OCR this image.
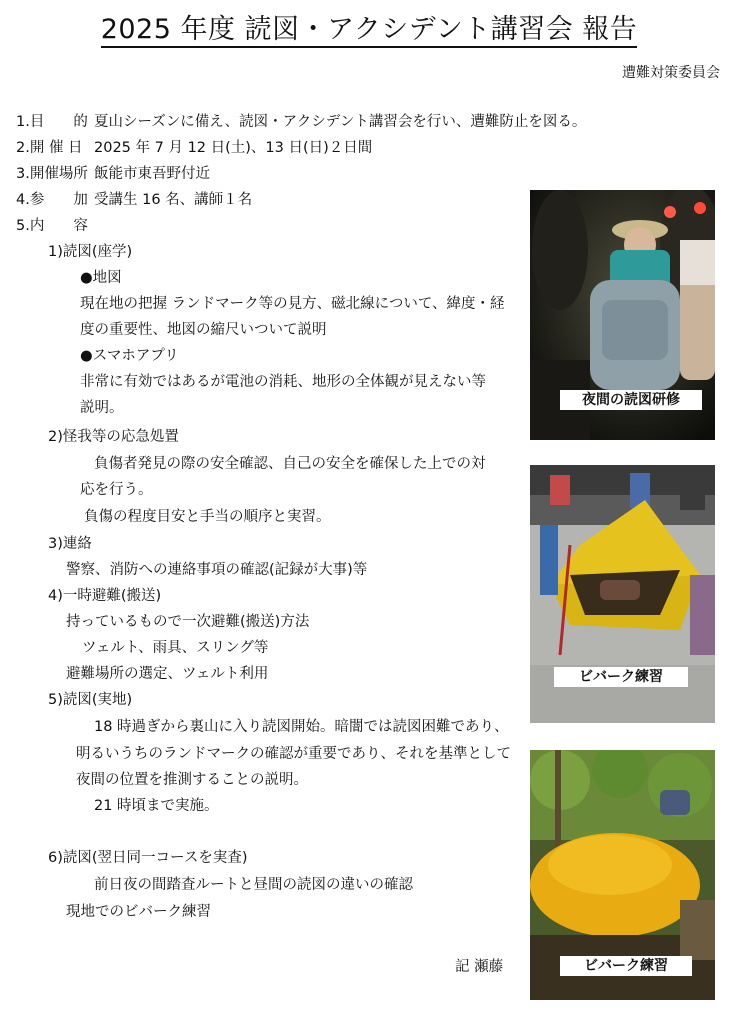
2025 年度 読図・アクシデント講習会 報告
遭難対策委員会
1.目　　的 夏山シーズンに備え、読図・アクシデント講習会を行い、遭難防止を図る。
2.開 催 日 2025 年 7 月 12 日(土)、13 日(日)２日間
3.開催場所 飯能市東吾野付近
4.参　　加 受講生 16 名、講師１名
5.内　　容
1)読図(座学)
●地図
現在地の把握 ランドマーク等の見方、磁北線について、緯度・経
度の重要性、地図の縮尺いついて説明
●スマホアプリ
非常に有効ではあるが電池の消耗、地形の全体観が見えない等
説明。
2)怪我等の応急処置
負傷者発見の際の安全確認、自己の安全を確保した上での対
応を行う。
負傷の程度目安と手当の順序と実習。
3)連絡
警察、消防への連絡事項の確認(記録が大事)等
4)一時避難(搬送)
持っているもので一次避難(搬送)方法
ツェルト、雨具、スリング等
避難場所の選定、ツェルト利用
5)読図(実地)
18 時過ぎから裏山に入り読図開始。暗闇では読図困難であり、
明るいうちのランドマークの確認が重要であり、それを基準として
夜間の位置を推測することの説明。
21 時頃まで実施。
6)読図(翌日同一コースを実査)
前日夜の間踏査ルートと昼間の読図の違いの確認
現地でのビバーク練習
記 瀬藤
夜間の読図研修
ビバーク練習
ビバーク練習
